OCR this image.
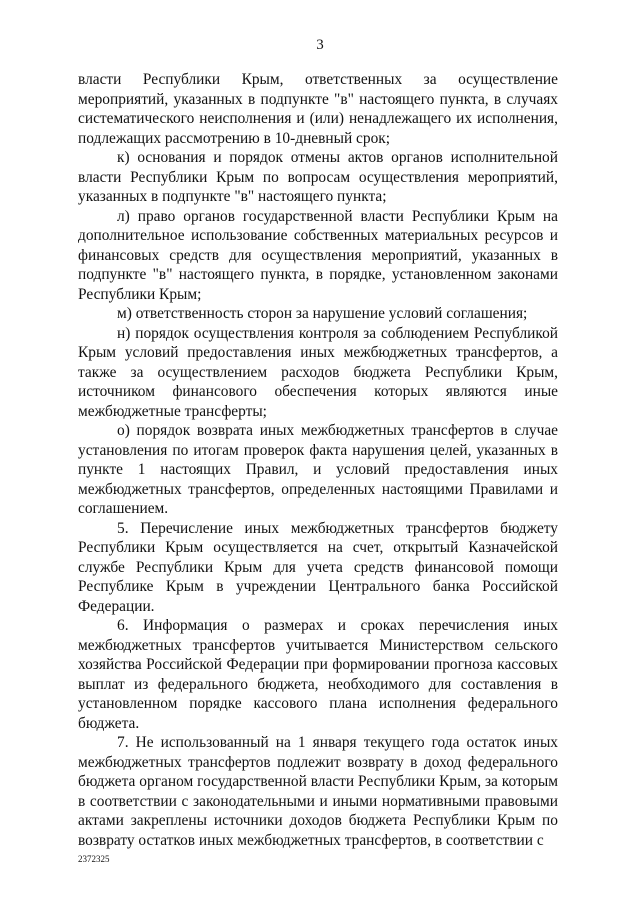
3

власти Республики Крым, ответственных за осуществление мероприятий, указанных в подпункте "в" настоящего пункта, в случаях систематического неисполнения и (или) ненадлежащего их исполнения, подлежащих рассмотрению в 10-дневный срок;

к) основания и порядок отмены актов органов исполнительной власти Республики Крым по вопросам осуществления мероприятий, указанных в подпункте "в" настоящего пункта;

л) право органов государственной власти Республики Крым на дополнительное использование собственных материальных ресурсов и финансовых средств для осуществления мероприятий, указанных в подпункте "в" настоящего пункта, в порядке, установленном законами Республики Крым;

м) ответственность сторон за нарушение условий соглашения;

н) порядок осуществления контроля за соблюдением Республикой Крым условий предоставления иных межбюджетных трансфертов, а также за осуществлением расходов бюджета Республики Крым, источником финансового обеспечения которых являются иные межбюджетные трансферты;

о) порядок возврата иных межбюджетных трансфертов в случае установления по итогам проверок факта нарушения целей, указанных в пункте 1 настоящих Правил, и условий предоставления иных межбюджетных трансфертов, определенных настоящими Правилами и соглашением.

5. Перечисление иных межбюджетных трансфертов бюджету Республики Крым осуществляется на счет, открытый Казначейской службе Республики Крым для учета средств финансовой помощи Республике Крым в учреждении Центрального банка Российской Федерации.

6. Информация о размерах и сроках перечисления иных межбюджетных трансфертов учитывается Министерством сельского хозяйства Российской Федерации при формировании прогноза кассовых выплат из федерального бюджета, необходимого для составления в установленном порядке кассового плана исполнения федерального бюджета.

7. Не использованный на 1 января текущего года остаток иных межбюджетных трансфертов подлежит возврату в доход федерального бюджета органом государственной власти Республики Крым, за которым в соответствии с законодательными и иными нормативными правовыми актами закреплены источники доходов бюджета Республики Крым по возврату остатков иных межбюджетных трансфертов, в соответствии с

2372325
